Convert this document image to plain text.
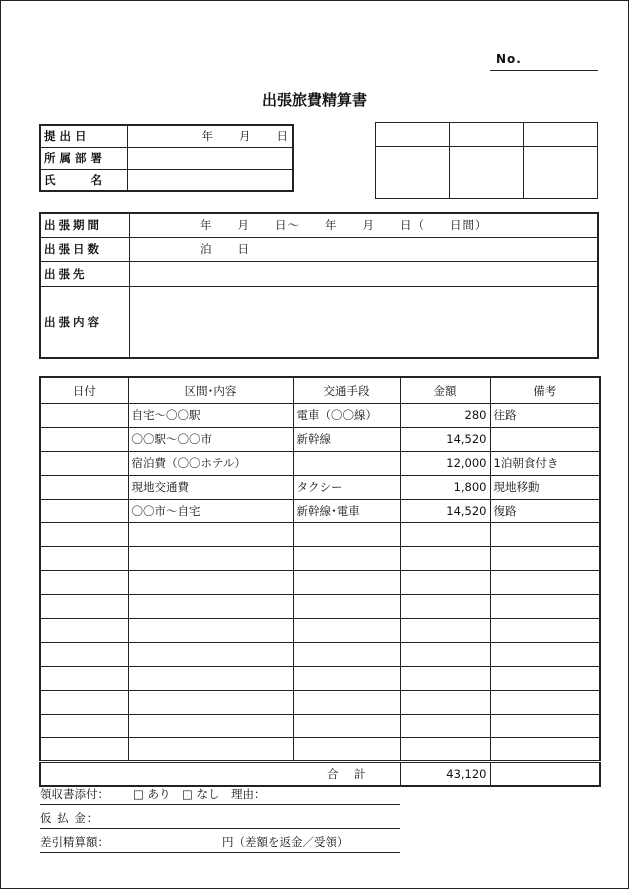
No.
出張旅費精算書
提出日	年　　月　　日
所属部署	
氏　　名	

出張期間	年　　月　　日～　　年　　月　　日（　　日間）
出張日数	泊　　日
出張先	
出張内容	
日付	区間･内容	交通手段	金額	備考
	自宅～〇〇駅	電車（〇〇線）	280	往路
	〇〇駅～〇〇市	新幹線	14,520	
	宿泊費（〇〇ホテル）		12,000	1泊朝食付き
	現地交通費	タクシー	1,800	現地移動
	〇〇市～自宅	新幹線･電車	14,520	復路

合　計			43,120	
領収書添付： □ あり　□ なし　理由：
仮 払 金：
差引精算額：	円（差額を返金／受領）
